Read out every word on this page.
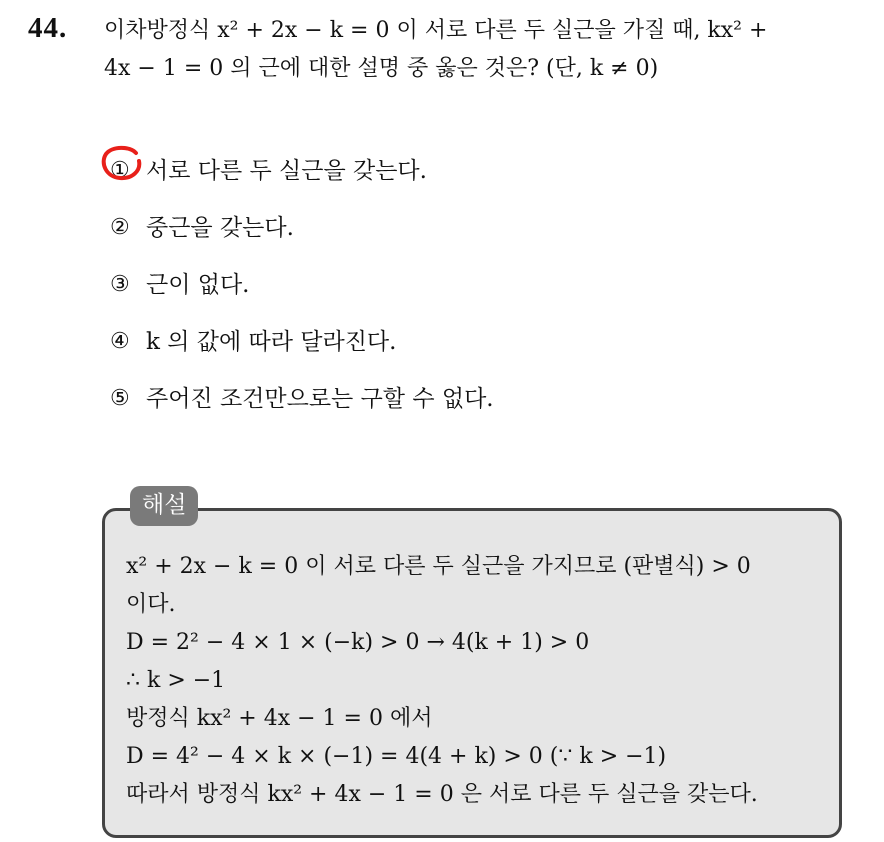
44. 이차방정식 x² + 2x − k = 0 이 서로 다른 두 실근을 가질 때, kx² +
4x − 1 = 0 의 근에 대한 설명 중 옳은 것은? (단, k ≠ 0)
① 서로 다른 두 실근을 갖는다.
② 중근을 갖는다.
③ 근이 없다.
④ k 의 값에 따라 달라진다.
⑤ 주어진 조건만으로는 구할 수 없다.
해설
x² + 2x − k = 0 이 서로 다른 두 실근을 가지므로 (판별식) > 0
이다.
D = 2² − 4 × 1 × (−k) > 0 → 4(k + 1) > 0
∴ k > −1
방정식 kx² + 4x − 1 = 0 에서
D = 4² − 4 × k × (−1) = 4(4 + k) > 0 (∵ k > −1)
따라서 방정식 kx² + 4x − 1 = 0 은 서로 다른 두 실근을 갖는다.
